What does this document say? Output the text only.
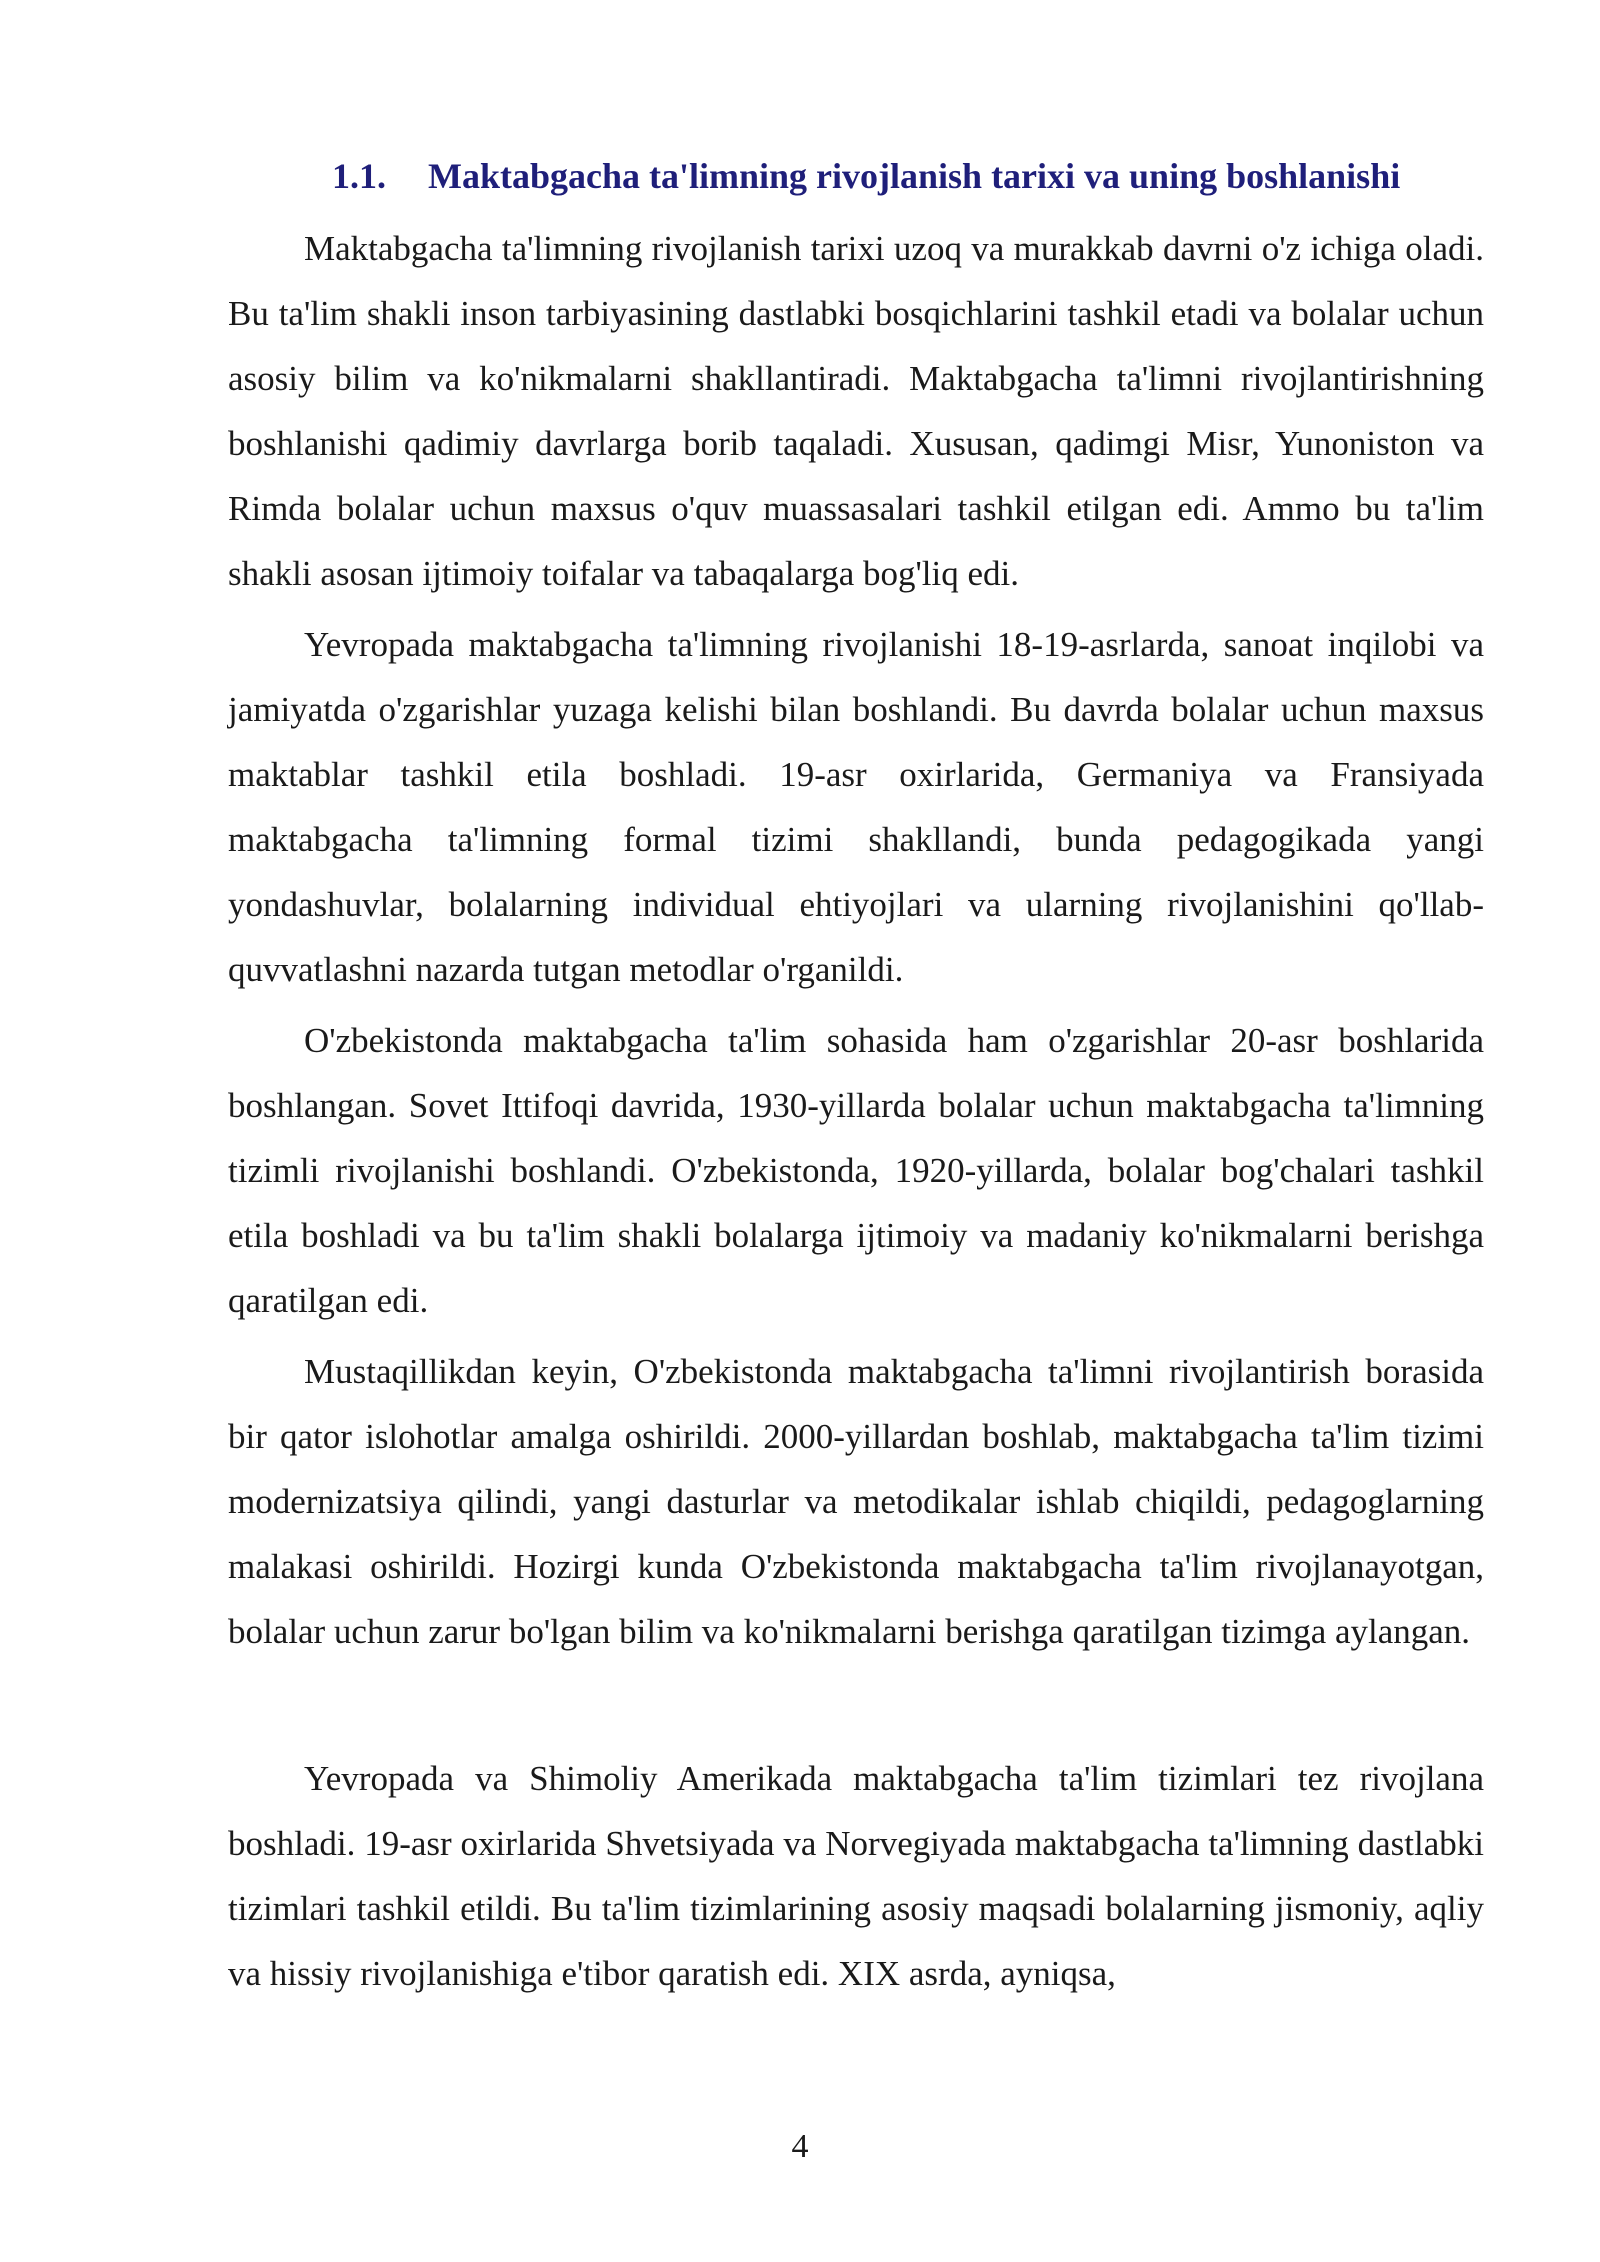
1.1. Maktabgacha ta'limning rivojlanish tarixi va uning boshlanishi

Maktabgacha ta'limning rivojlanish tarixi uzoq va murakkab davrni o'z ichiga oladi. Bu ta'lim shakli inson tarbiyasining dastlabki bosqichlarini tashkil etadi va bolalar uchun asosiy bilim va ko'nikmalarni shakllantiradi. Maktabgacha ta'limni rivojlantirishning boshlanishi qadimiy davrlarga borib taqaladi. Xususan, qadimgi Misr, Yunoniston va Rimda bolalar uchun maxsus o'quv muassasalari tashkil etilgan edi. Ammo bu ta'lim shakli asosan ijtimoiy toifalar va tabaqalarga bog'liq edi.

Yevropada maktabgacha ta'limning rivojlanishi 18-19-asrlarda, sanoat inqilobi va jamiyatda o'zgarishlar yuzaga kelishi bilan boshlandi. Bu davrda bolalar uchun maxsus maktablar tashkil etila boshladi. 19-asr oxirlarida, Germaniya va Fransiyada maktabgacha ta'limning formal tizimi shakllandi, bunda pedagogikada yangi yondashuvlar, bolalarning individual ehtiyojlari va ularning rivojlanishini qo'llab-quvvatlashni nazarda tutgan metodlar o'rganildi.

O'zbekistonda maktabgacha ta'lim sohasida ham o'zgarishlar 20-asr boshlarida boshlangan. Sovet Ittifoqi davrida, 1930-yillarda bolalar uchun maktabgacha ta'limning tizimli rivojlanishi boshlandi. O'zbekistonda, 1920-yillarda, bolalar bog'chalari tashkil etila boshladi va bu ta'lim shakli bolalarga ijtimoiy va madaniy ko'nikmalarni berishga qaratilgan edi.

Mustaqillikdan keyin, O'zbekistonda maktabgacha ta'limni rivojlantirish borasida bir qator islohotlar amalga oshirildi. 2000-yillardan boshlab, maktabgacha ta'lim tizimi modernizatsiya qilindi, yangi dasturlar va metodikalar ishlab chiqildi, pedagoglarning malakasi oshirildi. Hozirgi kunda O'zbekistonda maktabgacha ta'lim rivojlanayotgan, bolalar uchun zarur bo'lgan bilim va ko'nikmalarni berishga qaratilgan tizimga aylangan.

Yevropada va Shimoliy Amerikada maktabgacha ta'lim tizimlari tez rivojlana boshladi. 19-asr oxirlarida Shvetsiyada va Norvegiyada maktabgacha ta'limning dastlabki tizimlari tashkil etildi. Bu ta'lim tizimlarining asosiy maqsadi bolalarning jismoniy, aqliy va hissiy rivojlanishiga e'tibor qaratish edi. XIX asrda, ayniqsa,

4
